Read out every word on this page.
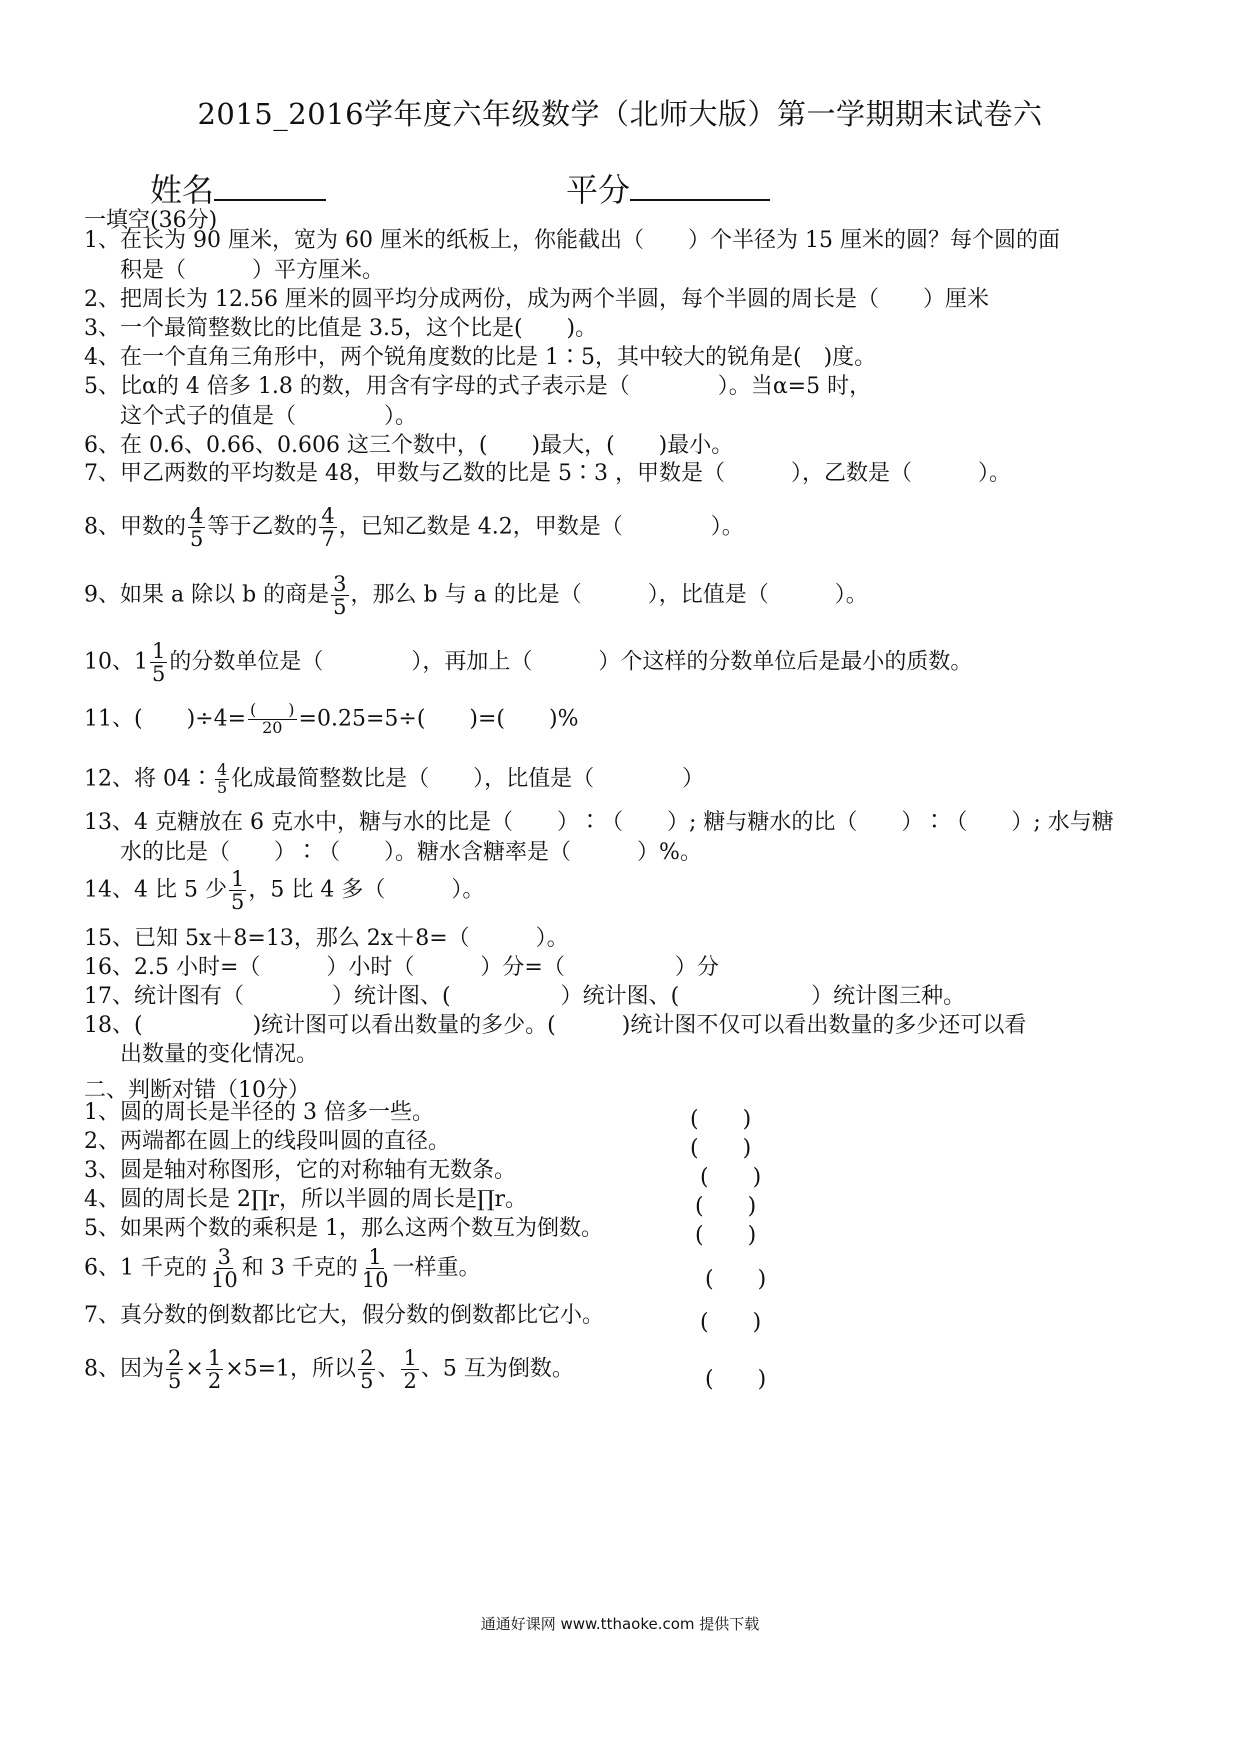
2015_2016学年度六年级数学（北师大版）第一学期期末试卷六
姓名	平分
一填空(36分)
1、在长为 90 厘米，宽为 60 厘米的纸板上，你能截出（　　）个半径为 15 厘米的圆？每个圆的面
积是（　　　）平方厘米。
2、把周长为 12.56 厘米的圆平均分成两份，成为两个半圆，每个半圆的周长是（　　）厘米
3、一个最简整数比的比值是 3.5，这个比是(　　)。
4、在一个直角三角形中，两个锐角度数的比是 1∶5，其中较大的锐角是(　)度。
5、比α的 4 倍多 1.8 的数，用含有字母的式子表示是（　　　　）。当α=5 时，
这个式子的值是（　　　　）。
6、在 0.6、0.66、0.606 这三个数中，(　　)最大，(　　)最小。
7、甲乙两数的平均数是 48，甲数与乙数的比是 5∶3 ，甲数是（　　　），乙数是（　　　）。
8、甲数的 $\frac{4}{5}$ 等于乙数的 $\frac{4}{7}$ ，已知乙数是 4.2，甲数是（　　　　）。
9、如果 a 除以 b 的商是 $\frac{3}{5}$ ，那么 b 与 a 的比是（　　　），比值是（　　　）。
10、$1 \frac{1}{5}$ 的分数单位是（　　　　），再加上（　　　）个这样的分数单位后是最小的质数。
11、(　　)$\div 4= \frac{( )}{20} =0.25=5\div$(　　)=(　　)%
12、将 04∶ $\frac{4}{5}$ 化成最简整数比是（　　），比值是（　　　　）
13、4 克糖放在 6 克水中，糖与水的比是（　　）∶（　　）; 糖与糖水的比（　　）∶（　　）; 水与糖
水的比是（　　）∶（　　）。糖水含糖率是（　　　）%。
14、4 比 5 少 $\frac{1}{5}$ ，5 比 4 多（　　　）。
15、已知 5x＋8=13，那么 2x＋8=（　　　）。
16、2.5 小时=（　　　）小时（　　　）分=（　　　　　）分
17、统计图有（　　　　）统计图、(　　　　　）统计图、(　　　　　　）统计图三种。
18、(　　　　　)统计图可以看出数量的多少。(　　　)统计图不仅可以看出数量的多少还可以看
出数量的变化情况。
二、判断对错（10分）
1、圆的周长是半径的 3 倍多一些。	(　　)
2、两端都在圆上的线段叫圆的直径。	(　　)
3、圆是轴对称图形，它的对称轴有无数条。	(　　)
4、圆的周长是 2∏r，所以半圆的周长是∏r。	(　　)
5、如果两个数的乘积是 1，那么这两个数互为倒数。	(　　)
6、1 千克的 $\frac{3}{10}$ 和 3 千克的 $\frac{1}{10}$ 一样重。	(　　)
7、真分数的倒数都比它大，假分数的倒数都比它小。	(　　)
8、因为 $\frac{2}{5} \times \frac{1}{2} \times 5=1$，所以 $\frac{2}{5}$ 、 $\frac{1}{2}$ 、5 互为倒数。	(　　)
通通好课网 www.tthaoke.com 提供下载
